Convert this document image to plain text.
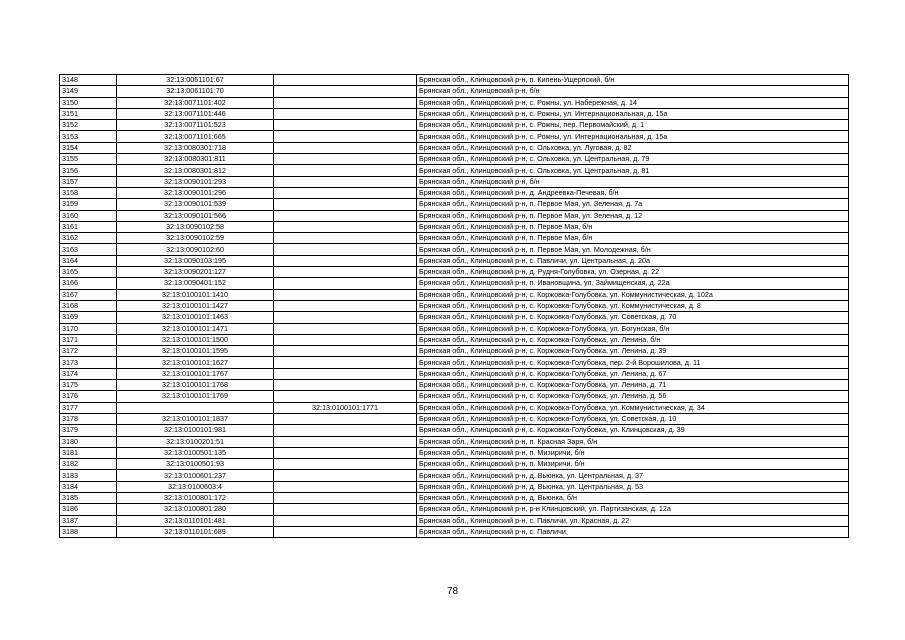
3148	32:13:0061101:67		Брянская обл., Клинцовский р-н, п. Кипень-Ущерпский, б/н
3149	32:13:0061101:70		Брянская обл., Клинцовский р-н, б/н
3150	32:13:0071101:402		Брянская обл., Клинцовский р-н, с. Рожны, ул. Набережная, д. 14
3151	32:13:0071101:446		Брянская обл., Клинцовский р-н, с. Рожны, ул. Интернациональная, д. 15а
3152	32:13:0071101:523		Брянская обл., Клинцовский р-н, с. Рожны, пер. Первомайский, д. 1
3153	32:13:0071101:665		Брянская обл., Клинцовский р-н, с. Рожны, ул. Интернациональная, д. 15а
3154	32:13:0080301:718		Брянская обл., Клинцовский р-н, с. Ольховка, ул. Луговая, д. 82
3155	32:13:0080301:811		Брянская обл., Клинцовский р-н, с. Ольховка, ул. Центральная, д. 79
3156	32:13:0080301:812		Брянская обл., Клинцовский р-н, с. Ольховка, ул. Центральная, д. 81
3157	32:13:0090101:293		Брянская обл., Клинцовский р-н, б/н
3158	32:13:0090101:296		Брянская обл., Клинцовский р-н, д. Андреевка-Печевая, б/н
3159	32:13:0090101:539		Брянская обл., Клинцовский р-н, п. Первое Мая, ул. Зеленая, д. 7а
3160	32:13:0090101:566		Брянская обл., Клинцовский р-н, п. Первое Мая, ул. Зеленая, д. 12
3161	32:13:0090102:58		Брянская обл., Клинцовский р-н, п. Первое Мая, б/н
3162	32:13:0090102:59		Брянская обл., Клинцовский р-н, п. Первое Мая, б/н
3163	32:13:0090102:60		Брянская обл., Клинцовский р-н, п. Первое Мая, ул. Молодежная, б/н
3164	32:13:0090103:195		Брянская обл., Клинцовский р-н, с. Павличи, ул. Центральная, д. 20а
3165	32:13:0090201:127		Брянская обл., Клинцовский р-н, д. Рудня-Голубовка, ул. Озерная, д. 22
3166	32:13:0090401:152		Брянская обл., Клинцовский р-н, п. Ивановщина, ул. Займищенская, д. 22а
3167	32:13:0100101:1410		Брянская обл., Клинцовский р-н, с. Коржовка-Голубовка, ул. Коммунистическая, д. 102а
3168	32:13:0100101:1427		Брянская обл., Клинцовский р-н, с. Коржовка-Голубовка, ул. Коммунистическая, д. 8
3169	32:13:0100101:1463		Брянская обл., Клинцовский р-н, с. Коржовка-Голубовка, ул. Советская, д. 70
3170	32:13:0100101:1471		Брянская обл., Клинцовский р-н, с. Коржовка-Голубовка, ул. Богунская, б/н
3171	32:13:0100101:1500		Брянская обл., Клинцовский р-н, с. Коржовка-Голубовка, ул. Ленина, б/н
3172	32:13:0100101:1595		Брянская обл., Клинцовский р-н, с. Коржовка-Голубовка, ул. Ленина, д. 39
3173	32:13:0100101:1627		Брянская обл., Клинцовский р-н, с. Коржовка-Голубовка, пер. 2-й Ворошилова, д. 11
3174	32:13:0100101:1767		Брянская обл., Клинцовский р-н, с. Коржовка-Голубовка, ул. Ленина, д. 67
3175	32:13:0100101:1768		Брянская обл., Клинцовский р-н, с. Коржовка-Голубовка, ул. Ленина, д. 71
3176	32:13:0100101:1769		Брянская обл., Клинцовский р-н, с. Коржовка-Голубовка, ул. Ленина, д. 56
3177		32:13:0100101:1771	Брянская обл., Клинцовский р-н, с. Коржовка-Голубовка, ул. Коммунистическая, д. 34
3178	32:13:0100101:1837		Брянская обл., Клинцовский р-н, с. Коржовка-Голубовка, ул. Советская, д. 10
3179	32:13:0100101:981		Брянская обл., Клинцовский р-н, с. Коржовка-Голубовка, ул. Клинцовская, д. 39
3180	32:13:0100201:51		Брянская обл., Клинцовский р-н, п. Красная Заря, б/н
3181	32:13:0100501:135		Брянская обл., Клинцовский р-н, п. Мизиричи, б/н
3182	32:13:0100501:93		Брянская обл., Клинцовский р-н, п. Мизиричи, б/н
3183	32:13:0100601:237		Брянская обл., Клинцовский р-н, д. Вьюнка, ул. Центральная, д. 37
3184	32:13:0100603:4		Брянская обл., Клинцовский р-н, д. Вьюнка, ул. Центральная, д. 53
3185	32:13:0100801:172		Брянская обл., Клинцовский р-н, д. Вьюнка, б/н
3186	32:13:0100801:280		Брянская обл., Клинцовский р-н, р-н Клинцовский, ул. Партизанская, д. 12а
3187	32:13:0110101:481		Брянская обл., Клинцовский р-н, с. Павличи, ул. Красная, д. 22
3188	32:13:0110101:689		Брянская обл., Клинцовский р-н, с. Павличи,
78
